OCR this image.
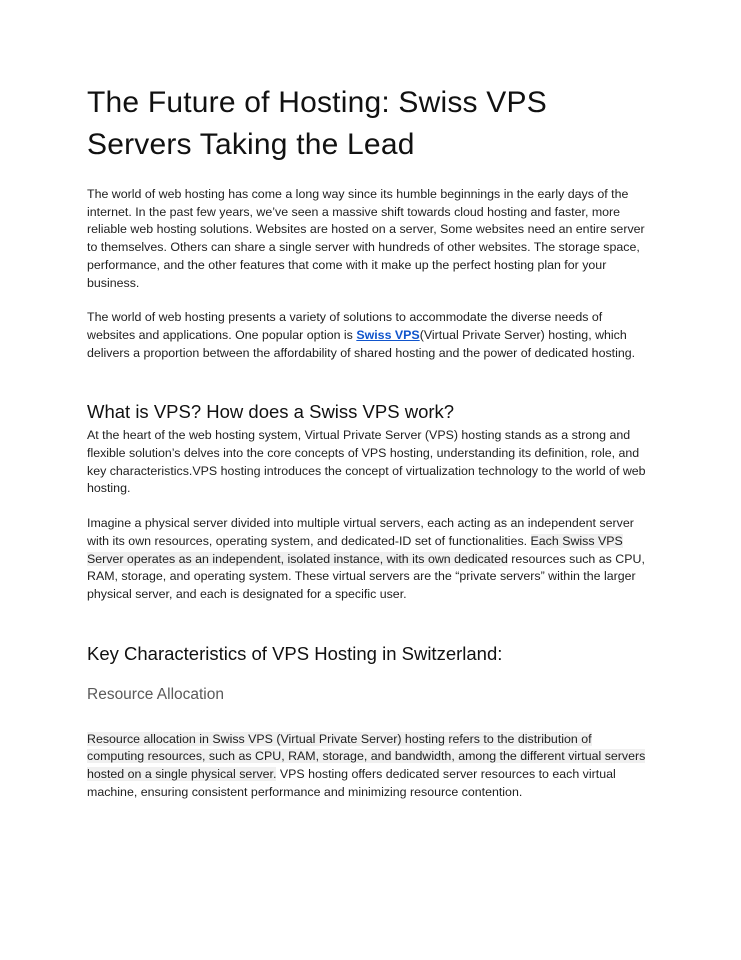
The Future of Hosting: Swiss VPS Servers Taking the Lead

The world of web hosting has come a long way since its humble beginnings in the early days of the internet. In the past few years, we’ve seen a massive shift towards cloud hosting and faster, more reliable web hosting solutions. Websites are hosted on a server, Some websites need an entire server to themselves. Others can share a single server with hundreds of other websites. The storage space, performance, and the other features that come with it make up the perfect hosting plan for your business.

The world of web hosting presents a variety of solutions to accommodate the diverse needs of websites and applications. One popular option is Swiss VPS(Virtual Private Server) hosting, which delivers a proportion between the affordability of shared hosting and the power of dedicated hosting.

What is VPS? How does a Swiss VPS work?

At the heart of the web hosting system, Virtual Private Server (VPS) hosting stands as a strong and flexible solution’s delves into the core concepts of VPS hosting, understanding its definition, role, and key characteristics.VPS hosting introduces the concept of virtualization technology to the world of web hosting.

Imagine a physical server divided into multiple virtual servers, each acting as an independent server with its own resources, operating system, and dedicated-ID set of functionalities. Each Swiss VPS Server operates as an independent, isolated instance, with its own dedicated resources such as CPU, RAM, storage, and operating system. These virtual servers are the “private servers” within the larger physical server, and each is designated for a specific user.

Key Characteristics of VPS Hosting in Switzerland:
Resource Allocation

Resource allocation in Swiss VPS (Virtual Private Server) hosting refers to the distribution of computing resources, such as CPU, RAM, storage, and bandwidth, among the different virtual servers hosted on a single physical server. VPS hosting offers dedicated server resources to each virtual machine, ensuring consistent performance and minimizing resource contention.
